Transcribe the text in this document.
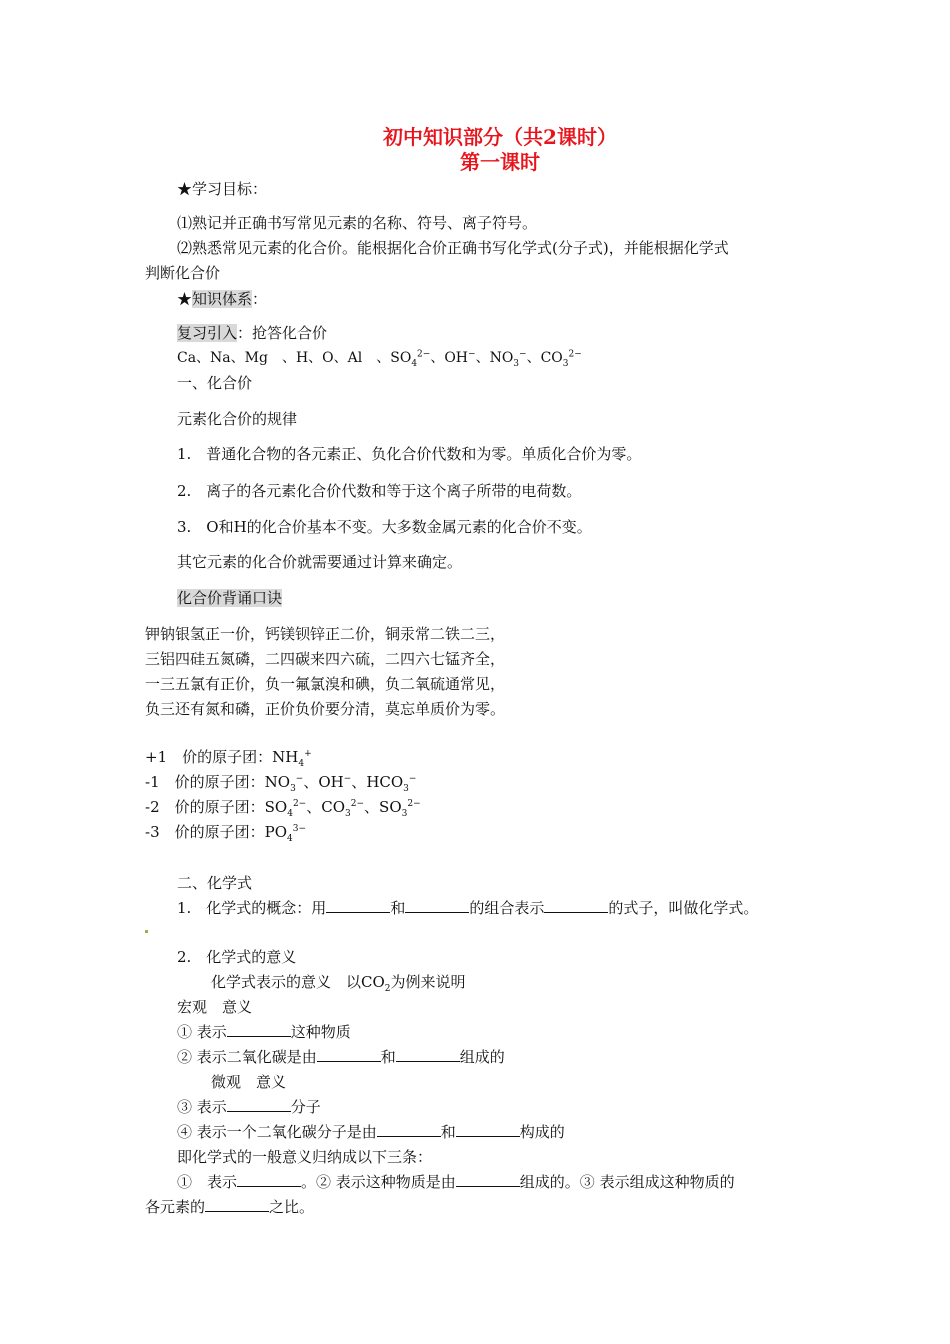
初中知识部分（共2课时）
第一课时
★学习目标：
⑴熟记并正确书写常见元素的名称、符号、离子符号。
⑵熟悉常见元素的化合价。能根据化合价正确书写化学式(分子式)，并能根据化学式
判断化合价
★知识体系：
复习引入：抢答化合价
Ca、Na、Mg　、H、O、Al　、$SO_4^{2-}$、OH−、$NO_3^-$、$CO_3^{2-}$
一、化合价
元素化合价的规律
1.　普通化合物的各元素正、负化合价代数和为零。单质化合价为零。
2.　离子的各元素化合价代数和等于这个离子所带的电荷数。
3.　O和H的化合价基本不变。大多数金属元素的化合价不变。
其它元素的化合价就需要通过计算来确定。
化合价背诵口诀
钾钠银氢正一价，钙镁钡锌正二价，铜汞常二铁二三，
三铝四硅五氮磷，二四碳来四六硫，二四六七锰齐全，
一三五氯有正价，负一氟氯溴和碘，负二氧硫通常见，
负三还有氮和磷，正价负价要分清，莫忘单质价为零。
+1　价的原子团：$NH_4^+$
-1　价的原子团：$NO_3^-$、OH−、$HCO_3^-$
-2　价的原子团：$SO_4^{2-}$、$CO_3^{2-}$、$SO_3^{2-}$
-3　价的原子团：$PO_4^{3-}$
二、化学式
1.　化学式的概念：用	和	的组合表示	的式子，叫做化学式。
2.　化学式的意义
化学式表示的意义　以$CO_2$为例来说明
宏观　意义
① 表示	这种物质
② 表示二氧化碳是由	和	组成的
微观　意义
③ 表示	分子
④ 表示一个二氧化碳分子是由	和	构成的
即化学式的一般意义归纳成以下三条：
①　表示	。② 表示这种物质是由	组成的。③ 表示组成这种物质的
各元素的	之比。
